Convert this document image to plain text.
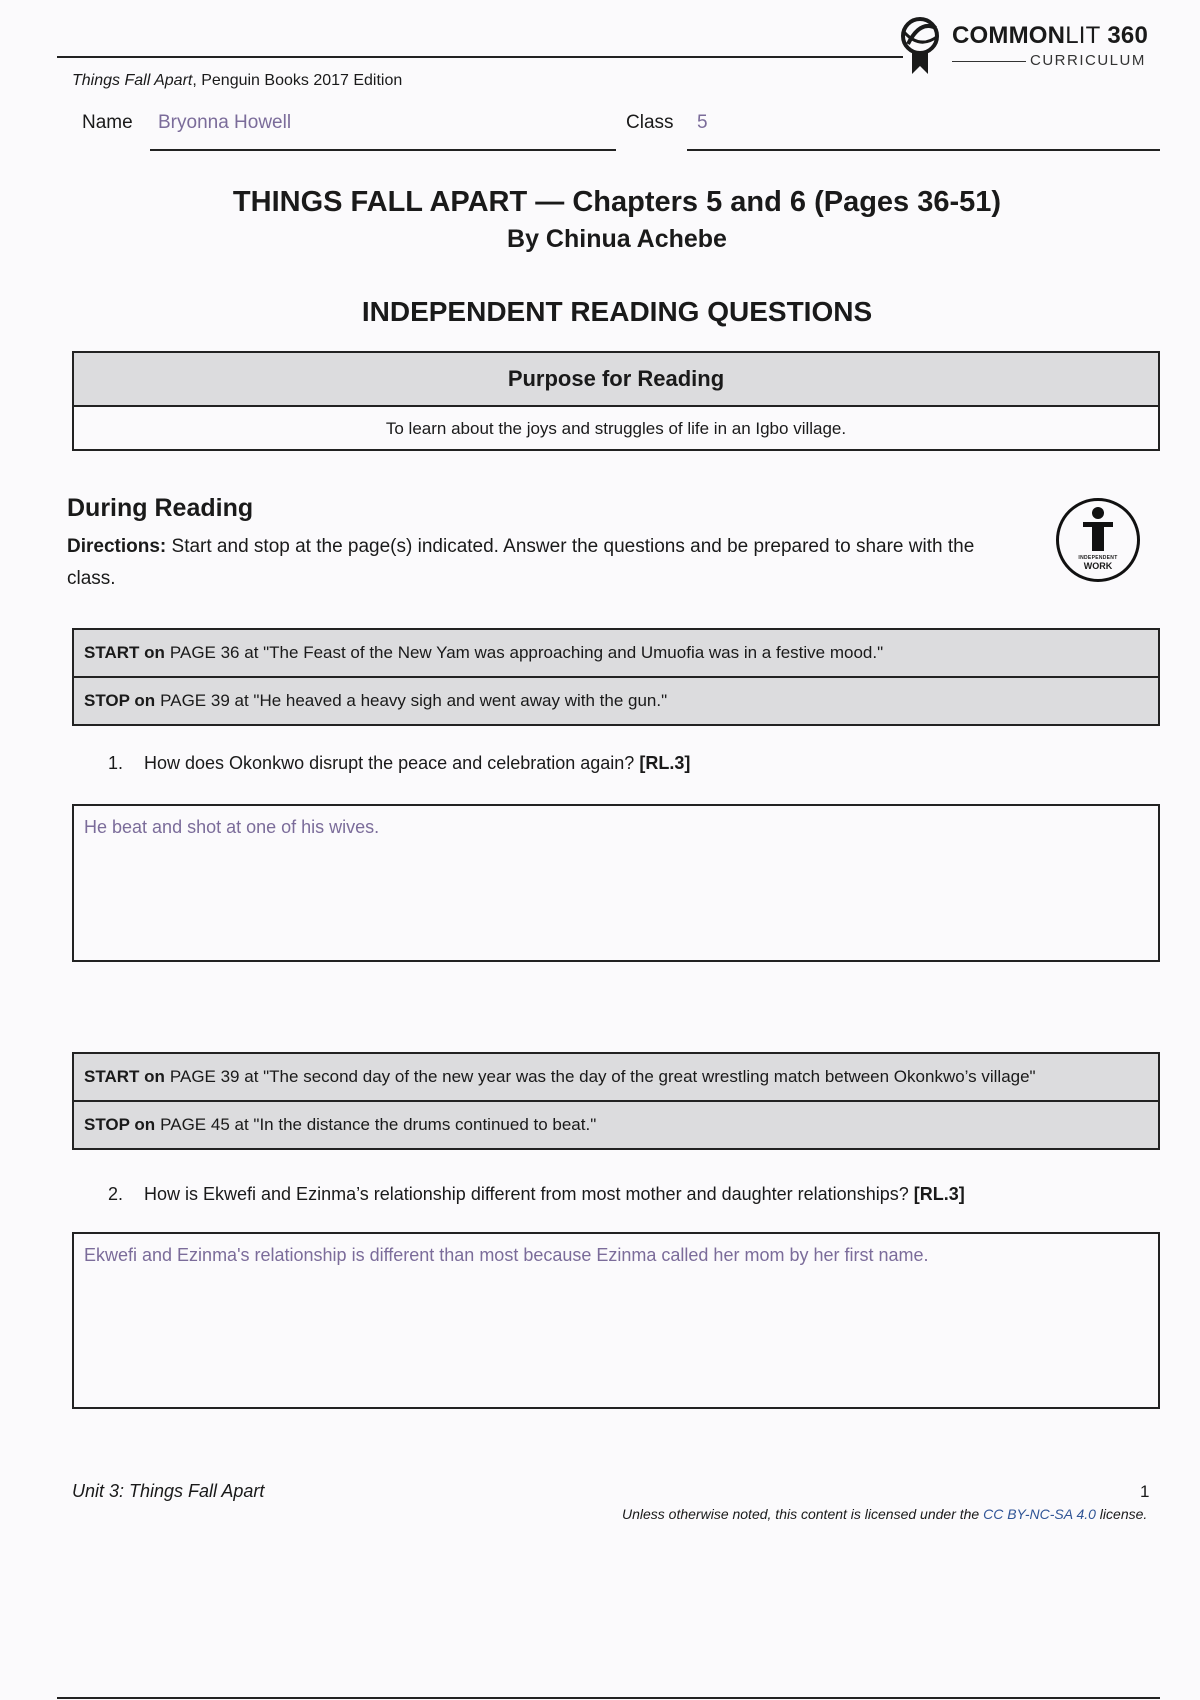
COMMONLIT 360
CURRICULUM
Things Fall Apart, Penguin Books 2017 Edition
Name Bryonna Howell	Class 5
THINGS FALL APART — Chapters 5 and 6 (Pages 36-51)
By Chinua Achebe
INDEPENDENT READING QUESTIONS
Purpose for Reading
To learn about the joys and struggles of life in an Igbo village.
During Reading
Directions: Start and stop at the page(s) indicated. Answer the questions and be prepared to share with the class.
INDEPENDENT
WORK
START on PAGE 36 at "The Feast of the New Yam was approaching and Umuofia was in a festive mood."
STOP on PAGE 39 at "He heaved a heavy sigh and went away with the gun."
1. How does Okonkwo disrupt the peace and celebration again? [RL.3]
He beat and shot at one of his wives.
START on PAGE 39 at "The second day of the new year was the day of the great wrestling match between Okonkwo’s village"
STOP on PAGE 45 at "In the distance the drums continued to beat."
2. How is Ekwefi and Ezinma’s relationship different from most mother and daughter relationships? [RL.3]
Ekwefi and Ezinma's relationship is different than most because Ezinma called her mom by her first name.
Unit 3: Things Fall Apart	1
Unless otherwise noted, this content is licensed under the CC BY-NC-SA 4.0 license.
